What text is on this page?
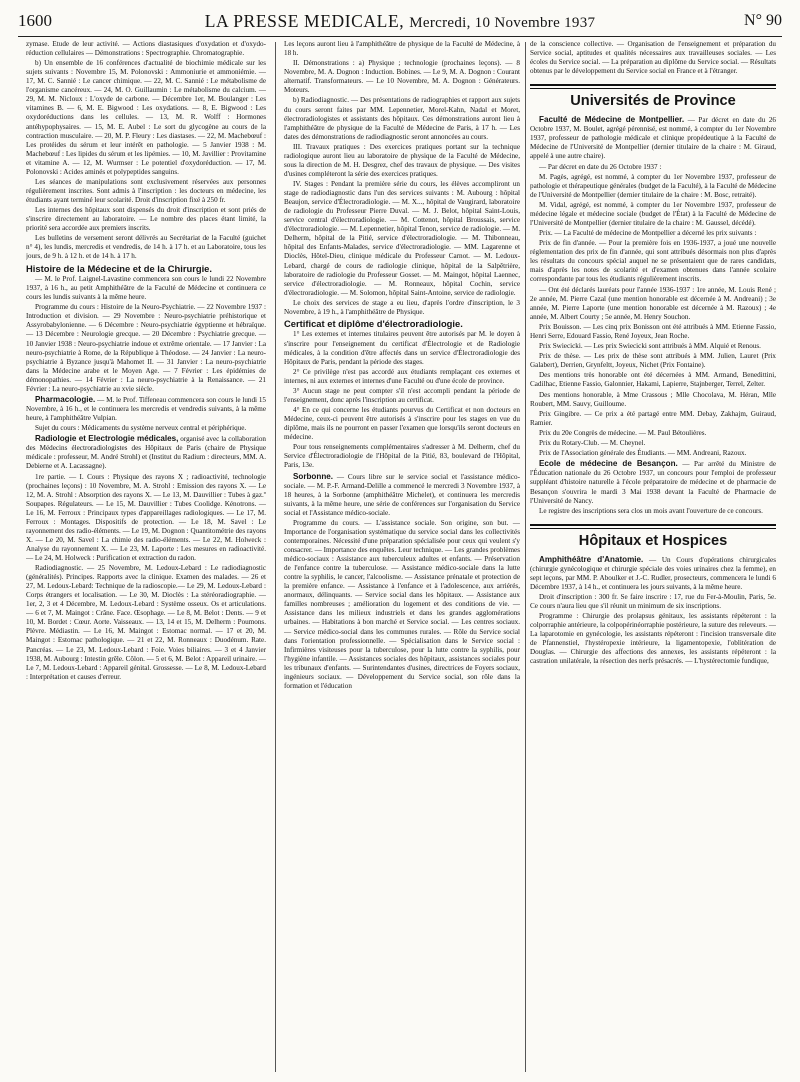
1600	LA PRESSE MEDICALE, Mercredi, 10 Novembre 1937	N° 90

zymase. Etude de leur activité. — Actions diastasiques d'oxydation et d'oxydo-réduction cellulaires — Démonstrations : Spectrographie. Chromatographie.

b) Un ensemble de 16 conférences d'actualité de biochimie médicale sur les sujets suivants : Novembre 15, M. Polonovski : Ammoniurie et ammoniémie. — 17, M. C. Sannié : Le cancer chimique. — 22, M. C. Sannié : Le métabolisme de l'organisme cancéreux. — 24, M. O. Guillaumin : Le métabolisme du calcium. — 29, M. M. Nicloux : L'oxyde de carbone. — Décembre 1er, M. Boulanger : Les vitamines B. — 6, M. E. Bigwood : Les oxydations. — 8, E. Bigwood : Les oxydoréductions dans les cellules. — 13, M. R. Wolff : Hormones antéhypophysaires. — 15, M. E. Aubel : Le sort du glycogène au cours de la contraction musculaire. — 20, M. P. Fleury : Les diastases. — 22, M. Machebœuf : Les protéides du sérum et leur intérêt en pathologie. — 5 Janvier 1938 : M. Machebœuf : Les lipides du sérum et les lipémies. — 10, M. Javillier : Provitamine et vitamine A. — 12, M. Wurmser : Le potentiel d'oxydoréduction. — 17, M. Polonovski : Acides aminés et polypeptides sanguins.

Les séances de manipulations sont exclusivement réservées aux personnes régulièrement inscrites. Sont admis à l'inscription : les docteurs en médecine, les étudiants ayant terminé leur scolarité. Droit d'inscription fixé à 250 fr.

Les internes des hôpitaux sont dispensés du droit d'inscription et sont priés de s'inscrire directement au laboratoire. — Le nombre des places étant limité, la priorité sera accordée aux premiers inscrits.

Les bulletins de versement seront délivrés au Secrétariat de la Faculté (guichet n° 4), les lundis, mercredis et vendredis, de 14 h. à 17 h. et au Laboratoire, tous les jours, de 9 h. à 12 h. et de 14 h. à 17 h.

Histoire de la Médecine et de la Chirurgie.

— M. le Prof. Laignel-Lavastine commencera son cours le lundi 22 Novembre 1937, à 16 h., au petit Amphithéâtre de la Faculté de Médecine et continuera ce cours les lundis suivants à la même heure.

Programme du cours : Histoire de la Neuro-Psychiatrie. — 22 Novembre 1937 : Introduction et division. — 29 Novembre : Neuro-psychiatrie préhistorique et Assyrobabylonienne. — 6 Décembre : Neuro-psychiatrie égyptienne et hébraïque. — 13 Décembre : Neurologie grecque. — 20 Décembre : Psychiatrie grecque. — 10 Janvier 1938 : Neuro-psychiatrie indoue et extrême orientale. — 17 Janvier : La neuro-psychiatrie à Rome, de la République à Théodose. — 24 Janvier : La neuro-psychiatrie à Byzance jusqu'à Mahomet II. — 31 Janvier : La neuro-psychiatrie dans la Médecine arabe et le Moyen Age. — 7 Février : Les épidémies de démonopathies. — 14 Février : La neuro-psychiatrie à la Renaissance. — 21 Février : La neuro-psychiatrie au xvie siècle.

Pharmacologie. — M. le Prof. Tiffeneau commencera son cours le lundi 15 Novembre, à 16 h., et le continuera les mercredis et vendredis suivants, à la même heure, à l'amphithéâtre Vulpian.

Sujet du cours : Médicaments du système nerveux central et périphérique.

Radiologie et Electrologie médicales, organisé avec la collaboration des Médecins électroradiologistes des Hôpitaux de Paris (chaire de Physique médicale : professeur, M. André Strohl) et (Institut du Radium : directeurs, MM. A. Debierne et A. Lacassagne).

1re partie. — I. Cours : Physique des rayons X ; radioactivité, technologie (prochaines leçons) : 10 Novembre, M. A. Strohl : Emission des rayons X. — Le 12, M. A. Strohl : Absorption des rayons X. — Le 13, M. Dauvillier : Tubes à gaz.º Soupapes. Régulateurs. — Le 15, M. Dauvillier : Tubes Coolidge. Kénotrons. — Le 16, M. Ferroux : Principaux types d'appareillages radiologiques. — Le 17, M. Ferroux : Montages. Dispositifs de protection. — Le 18, M. Savel : Le rayonnement des radio-éléments. — Le 19, M. Dognon : Quantitométrie des rayons X. — Le 20, M. Savel : La chimie des radio-éléments. — Le 22, M. Holweck : Analyse du rayonnement X. — Le 23, M. Laporte : Les mesures en radioactivité. — Le 24, M. Holweck : Purification et extraction du radon.

Radiodiagnostic. — 25 Novembre, M. Ledoux-Lebard : Le radiodiagnostic (généralités). Principes. Rapports avec la clinique. Examen des malades. — 26 et 27, M. Ledoux-Lebard: Technique de la radioscopie.— Le 29, M. Ledoux-Lebard : Corps étrangers et localisation. — Le 30, M. Dioclès : La stéréoradiographie. — 1er, 2, 3 et 4 Décembre, M. Ledoux-Lebard : Système osseux. Os et articulations. — 6 et 7, M. Maingot : Crâne. Face. Œsophage. — Le 8, M. Belot : Dents. — 9 et 10, M. Bordet : Cœur. Aorte. Vaisseaux. — 13, 14 et 15, M. Delherm : Poumons. Plèvre. Médiastin. — Le 16, M. Maingot : Estomac normal. — 17 et 20, M. Maingot : Estomac pathologique. — 21 et 22, M. Ronneaux : Duodénum. Rate. Pancréas. — Le 23, M. Ledoux-Lebard : Foie. Voies biliaires. — 3 et 4 Janvier 1938, M. Aubourg : Intestin grêle. Côlon. — 5 et 6, M. Belot : Appareil urinaire. — Le 7, M. Ledoux-Lebard : Appareil génital. Grossesse. — Le 8, M. Ledoux-Lebard : Interprétation et causes d'erreur.

Les leçons auront lieu à l'amphithéâtre de physique de la Faculté de Médecine, à 18 h.

II. Démonstrations : a) Physique ; technologie (prochaines leçons). — 8 Novembre, M. A. Dognon : Induction. Bobines. — Le 9, M. A. Dognon : Courant alternatif. Transformateurs. — Le 10 Novembre, M. A. Dognon : Générateurs. Moteurs.

b) Radiodiagnostic. — Des présentations de radiographies et rapport aux sujets du cours seront faites par MM. Lepennetier, Morel-Kahn, Nadal et Moret, électroradiologistes et assistants des hôpitaux. Ces démonstrations auront lieu à l'amphithéâtre de physique de la Faculté de Médecine de Paris, à 17 h. — Les dates des démonstrations de radiodiagnostic seront annoncées au cours.

III. Travaux pratiques : Des exercices pratiques portant sur la technique radiologique auront lieu au laboratoire de physique de la Faculté de Médecine, sous la direction de M. H. Desgrez, chef des travaux de physique. — Des visites d'usines compléteront la série des exercices pratiques.

IV. Stages : Pendant la première série du cours, les élèves accompliront un stage de radiodiagnostic dans l'un des services suivants : M. Aubourg : hôpital Beaujon, service d'Électroradiologie. — M. X..., hôpital de Vaugirard, laboratoire de radiologie du Professeur Pierre Duval. — M. J. Belot, hôpital Saint-Louis, service central d'électroradiologie. — M. Cottenot, hôpital Broussais, service d'électroradiologie. — M. Lepennetier, hôpital Tenon, service de radiologie. — M. Delherm, hôpital de la Pitié, service d'électroradiologie. — M. Thibonneau, hôpital des Enfants-Malades, service d'électroradiologie. — MM. Lagarenne et Dioclès, Hôtel-Dieu, clinique médicale du Professeur Carnot. — M. Ledoux-Lebard, chargé de cours de radiologie clinique, hôpital de la Salpêtrière, laboratoire de radiologie du Professeur Gosset. — M. Maingot, hôpital Laennec, service d'électroradiologie. — M. Ronneaux, hôpital Cochin, service d'électroradiologie. — M. Solomon, hôpital Saint-Antoine, service de radiologie.

Le choix des services de stage a eu lieu, d'après l'ordre d'inscription, le 3 Novembre, à 19 h., à l'amphithéâtre de Physique.

Certificat et diplôme d'électroradiologie.

1° Les externes et internes titulaires peuvent être autorisés par M. le doyen à s'inscrire pour l'enseignement du certificat d'Électrologie et de Radiologie médicales, à la condition d'être affectés dans un service d'Électroradiologie des Hôpitaux de Paris, pendant la période des stages.

2° Ce privilège n'est pas accordé aux étudiants remplaçant ces externes et internes, ni aux externes et internes d'une Faculté ou d'une école de province.

3° Aucun stage ne peut compter s'il n'est accompli pendant la période de l'enseignement, donc après l'inscription au certificat.

4° En ce qui concerne les étudiants pourvus du Certificat et non docteurs en Médecine, ceux-ci peuvent être autorisés à s'inscrire pour les stages en vue du diplôme, mais ils ne pourront en passer l'examen que lorsqu'ils seront docteurs en médecine.

Pour tous renseignements complémentaires s'adresser à M. Delherm, chef du Service d'Électroradiologie de l'Hôpital de la Pitié, 83, boulevard de l'Hôpital, Paris, 13e.

Sorbonne. — Cours libre sur le service social et l'assistance médico-sociale. — M. P.-F. Armand-Delille a commencé le mercredi 3 Novembre 1937, à 18 heures, à la Sorbonne (amphithéâtre Michelet), et continuera les mercredis suivants, à la même heure, une série de conférences sur l'organisation du Service social et l'Assistance médico-sociale.

Programme du cours. — L'assistance sociale. Son origine, son but. — Importance de l'organisation systématique du service social dans les collectivités contemporaines. Nécessité d'une préparation spécialisée pour ceux qui veulent s'y consacrer. — Importance des enquêtes. Leur technique. — Les grandes problèmes médico-sociaux : Assistance aux tuberculeux adultes et enfants. — Préservation de l'enfance contre la tuberculose. — Assistance médico-sociale dans la lutte contre la syphilis, le cancer, l'alcoolisme. — Assistance prénatale et protection de la première enfance. — Assistance à l'enfance et à l'adolescence, aux arriérés, anormaux, délinquants. — Service social dans les hôpitaux. — Assistance aux familles nombreuses ; amélioration du logement et des conditions de vie. — Assistance dans les milieux industriels et dans les grandes agglomérations urbaines. — Habitations à bon marché et Service social. — Les centres sociaux. — Service médico-social dans les communes rurales. — Rôle du Service social dans l'orientation professionnelle. — Spécialisation dans le Service social : Infirmières visiteuses pour la tuberculose, pour la lutte contre la syphilis, pour l'hygiène infantile. — Assistances sociales des hôpitaux, assistances sociales pour les tribunaux d'enfants. — Surintendantes d'usines, directrices de Foyers sociaux, ingénieurs sociaux. — Développement du Service social, son rôle dans la formation et l'éducation

de la conscience collective. — Organisation de l'enseignement et préparation du Service social, aptitudes et qualités nécessaires aux travailleuses sociales. — Les écoles du Service social. — La préparation au diplôme du Service social. — Résultats obtenus par le développement du Service social en France et à l'étranger.

Universités de Province

Faculté de Médecine de Montpellier. — Par décret en date du 26 Octobre 1937, M. Boulet, agrégé pérennisé, est nommé, à compter du 1er Novembre 1937, professeur de pathologie médicale et clinique propédeutique à la Faculté de Médecine de l'Université de Montpellier (dernier titulaire de la chaire : M. Giraud, appelé à une autre chaire).

— Par décret en date du 26 Octobre 1937 :

M. Pagès, agrégé, est nommé, à compter du 1er Novembre 1937, professeur de pathologie et thérapeutique générales (budget de la Faculté), à la Faculté de Médecine de l'Université de Montpellier (dernier titulaire de la chaire : M. Bosc, retraité).

M. Vidal, agrégé, est nommé, à compter du 1er Novembre 1937, professeur de médecine légale et médecine sociale (budget de l'État) à la Faculté de Médecine de l'Université de Montpellier (dernier titulaire de la chaire : M. Gaussel, décédé).

Prix. — La Faculté de médecine de Montpellier a décerné les prix suivants :

Prix de fin d'année. — Pour la première fois en 1936-1937, a joué une nouvelle réglementation des prix de fin d'année, qui sont attribués désormais non plus d'après les résultats du concours spécial auquel ne se présentaient que de rares candidats, mais d'après les notes de scolarité et d'examen obtenues dans l'année scolaire correspondante par tous les étudiants régulièrement inscrits.

— Ont été déclarés lauréats pour l'année 1936-1937 : 1re année, M. Louis René ; 2e année, M. Pierre Cazal (une mention honorable est décernée à M. Andreani) ; 3e année, M. Pierre Laporte (une mention honorable est décernée à M. Razoux) ; 4e année, M. Albert Courty ; 5e année, M. Henry Souchon.

Prix Bouisson. — Les cinq prix Bonisson ont été attribués à MM. Etienne Fassio, Henri Serre, Edouard Fassio, René Joyeux, Jean Roche.

Prix Swiecicki. — Les prix Swiecicki sont attribués à MM. Alquié et Renous.

Prix de thèse. — Les prix de thèse sont attribués à MM. Julien, Lauret (Prix Galabert), Derrien, Grynfeltt, Joyeux, Nichet (Prix Fontaine).

Des mentions très honorable ont été décernées à MM. Armand, Benedittini, Cadilhac, Etienne Fassio, Galonnier, Hakami, Lapierre, Stajnberger, Terrel, Zelter.

Des mentions honorable, à Mme Crassous ; Mlle Chocolava, M. Héran, Mlle Roubert, MM. Sauvy, Guilloume.

Prix Gingibre. — Ce prix a été partagé entre MM. Debay, Zakhajm, Guiraud, Ramier.

Prix du 20e Congrès de médecine. — M. Paul Bétoulières.

Prix du Rotary-Club. — M. Cheynel.

Prix de l'Association générale des Étudiants. — MM. Andreani, Razoux.

Ecole de médecine de Besançon. — Par arrêté du Ministre de l'Éducation nationale du 26 Octobre 1937, un concours pour l'emploi de professeur suppléant d'histoire naturelle à l'école préparatoire de médecine et de pharmacie de Besançon s'ouvrira le mardi 3 Mai 1938 devant la Faculté de Pharmacie de l'Université de Nancy.

Le registre des inscriptions sera clos un mois avant l'ouverture de ce concours.

Hôpitaux et Hospices

Amphithéâtre d'Anatomie. — Un Cours d'opérations chirurgicales (chirurgie gynécologique et chirurgie spéciale des voies urinaires chez la femme), en sept leçons, par MM. P. Aboulker et J.-C. Rudler, prosecteurs, commencera le lundi 6 Décembre 1937, à 14 h., et continuera les jours suivants, à la même heure.

Droit d'inscription : 300 fr. Se faire inscrire : 17, rue du Fer-à-Moulin, Paris, 5e. Ce cours n'aura lieu que s'il réunit un minimum de six inscriptions.

Programme : Chirurgie des prolapsus génitaux, les assistants répéteront : la colporraphie antérieure, la colpopérinéorraphie postérieure, la suture des releveurs. — La laparotomie en gynécologie, les assistants répéteront : l'incision transversale dite de Pfannenstiel, l'hystéropexie intérieure, la ligamentopexie, l'oblitération de Douglas. — Chirurgie des affections des annexes, les assistants répéteront : la castration unilatérale, la résection des nerfs présacrés. — L'hystérectomie fundique,
